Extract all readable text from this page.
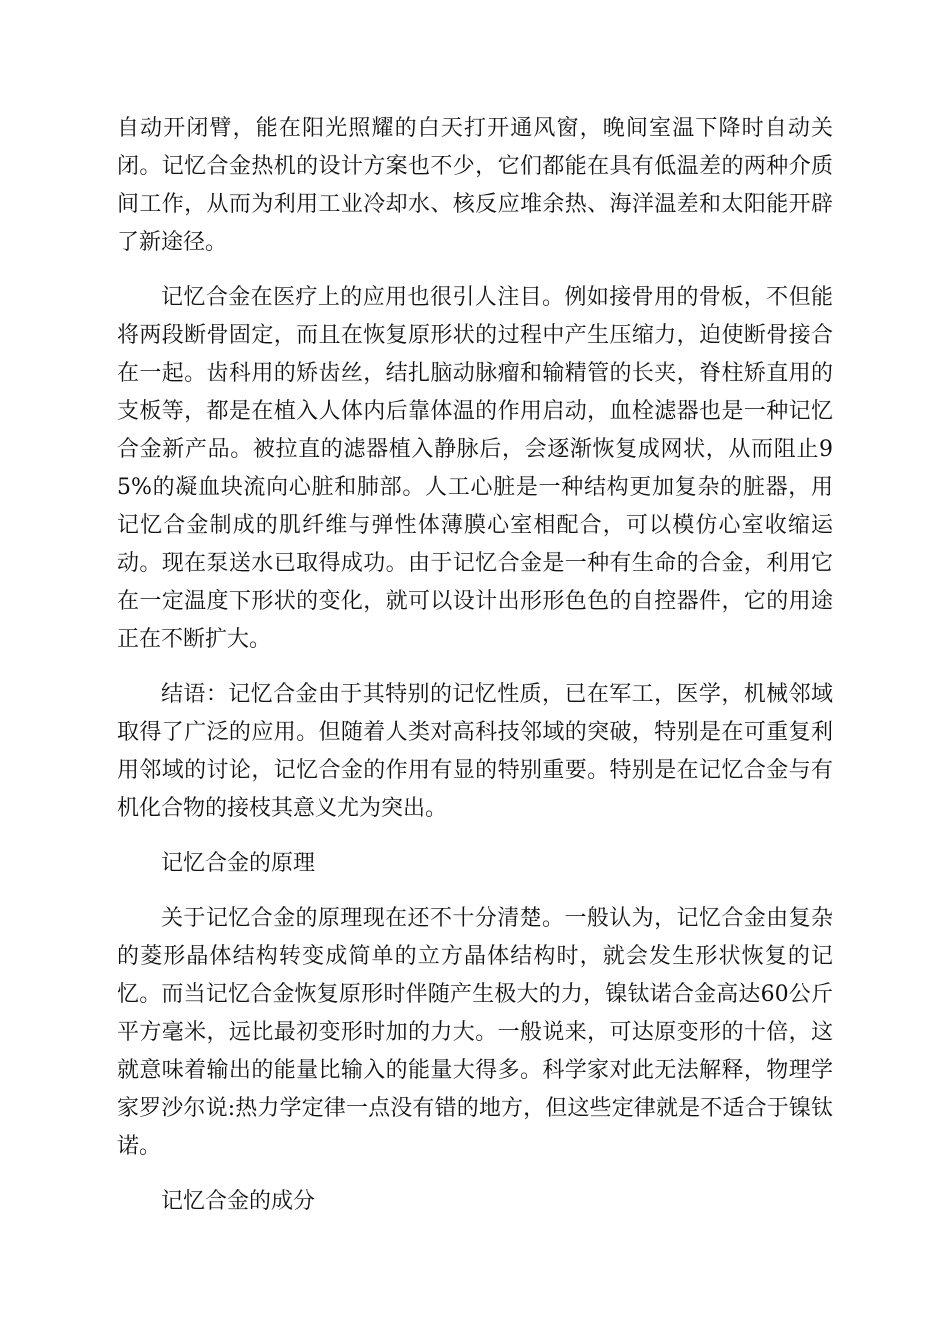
自动开闭臂，能在阳光照耀的白天打开通风窗，晚间室温下降时自动关闭。记忆合金热机的设计方案也不少，它们都能在具有低温差的两种介质间工作，从而为利用工业冷却水、核反应堆余热、海洋温差和太阳能开辟了新途径。

记忆合金在医疗上的应用也很引人注目。例如接骨用的骨板，不但能将两段断骨固定，而且在恢复原形状的过程中产生压缩力，迫使断骨接合在一起。齿科用的矫齿丝，结扎脑动脉瘤和输精管的长夹，脊柱矫直用的支板等，都是在植入人体内后靠体温的作用启动，血栓滤器也是一种记忆合金新产品。被拉直的滤器植入静脉后，会逐渐恢复成网状，从而阻止95%的凝血块流向心脏和肺部。人工心脏是一种结构更加复杂的脏器，用记忆合金制成的肌纤维与弹性体薄膜心室相配合，可以模仿心室收缩运动。现在泵送水已取得成功。由于记忆合金是一种有生命的合金，利用它在一定温度下形状的变化，就可以设计出形形色色的自控器件，它的用途正在不断扩大。

结语：记忆合金由于其特别的记忆性质，已在军工，医学，机械邻域取得了广泛的应用。但随着人类对高科技邻域的突破，特别是在可重复利用邻域的讨论，记忆合金的作用有显的特别重要。特别是在记忆合金与有机化合物的接枝其意义尤为突出。

记忆合金的原理

关于记忆合金的原理现在还不十分清楚。一般认为，记忆合金由复杂的菱形晶体结构转变成简单的立方晶体结构时，就会发生形状恢复的记忆。而当记忆合金恢复原形时伴随产生极大的力，镍钛诺合金高达60公斤平方毫米，远比最初变形时加的力大。一般说来，可达原变形的十倍，这就意味着输出的能量比输入的能量大得多。科学家对此无法解释，物理学家罗沙尔说:热力学定律一点没有错的地方，但这些定律就是不适合于镍钛诺。

记忆合金的成分
